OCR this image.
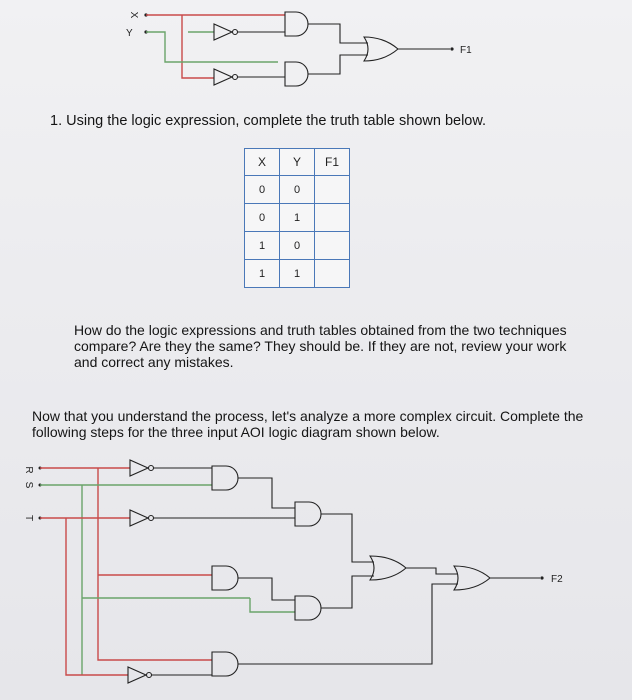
X
Y
F1
1. Using the logic expression, complete the truth table shown below.
X	Y	F1
0	0	
0	1	
1	0	
1	1	
How do the logic expressions and truth tables obtained from the two techniques compare? Are they the same? They should be. If they are not, review your work and correct any mistakes.
Now that you understand the process, let's analyze a more complex circuit. Complete the following steps for the three input AOI logic diagram shown below.
R
S
T
F2
